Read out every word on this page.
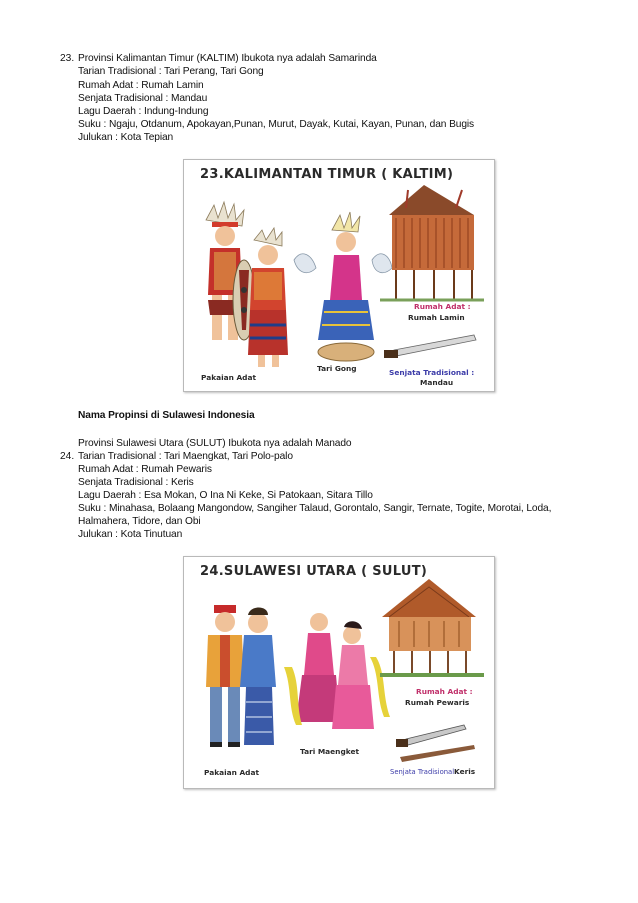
23. Provinsi Kalimantan Timur (KALTIM) Ibukota nya adalah Samarinda
Tarian Tradisional : Tari Perang, Tari Gong
Rumah Adat : Rumah Lamin
Senjata Tradisional : Mandau
Lagu Daerah : Indung-Indung
Suku : Ngaju, Otdanum, Apokayan,Punan, Murut, Dayak, Kutai, Kayan, Punan, dan Bugis
Julukan : Kota Tepian
23.KALIMANTAN TIMUR ( KALTIM)
Pakaian Adat
Tari Gong
Rumah Adat :
Rumah Lamin
Senjata Tradisional :
Mandau
Nama Propinsi di Sulawesi Indonesia
Provinsi Sulawesi Utara (SULUT) Ibukota nya adalah Manado
24. Tarian Tradisional : Tari Maengkat, Tari Polo-palo
Rumah Adat : Rumah Pewaris
Senjata Tradisional : Keris
Lagu Daerah : Esa Mokan, O Ina Ni Keke, Si Patokaan, Sitara Tillo
Suku : Minahasa, Bolaang Mangondow, Sangiher Talaud, Gorontalo, Sangir, Ternate, Togite, Morotai, Loda,
Halmahera, Tidore, dan Obi
Julukan : Kota Tinutuan
24.SULAWESI UTARA ( SULUT)
Pakaian Adat
Tari Maengket
Rumah Adat :
Rumah Pewaris
Senjata Tradisional :
Keris
